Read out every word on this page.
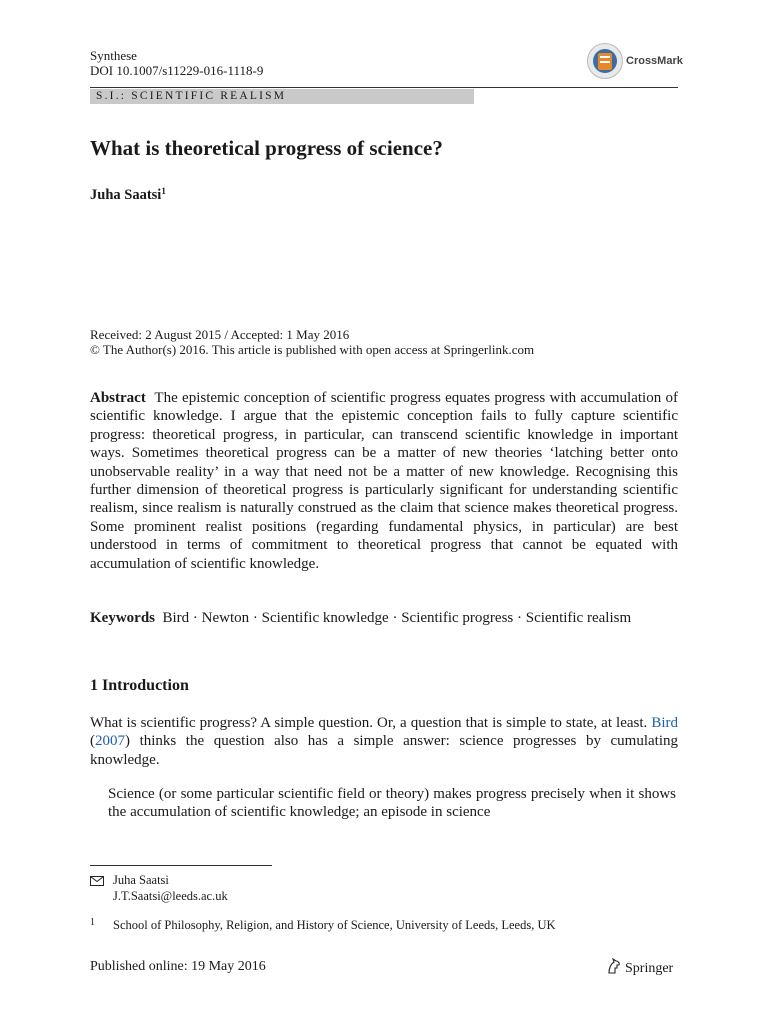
Synthese
DOI 10.1007/s11229-016-1118-9
CrossMark
S.I.: SCIENTIFIC REALISM
What is theoretical progress of science?
Juha Saatsi$^1$
Received: 2 August 2015 / Accepted: 1 May 2016
© The Author(s) 2016. This article is published with open access at Springerlink.com
Abstract The epistemic conception of scientific progress equates progress with accumulation of scientific knowledge. I argue that the epistemic conception fails to fully capture scientific progress: theoretical progress, in particular, can transcend scientific knowledge in important ways. Sometimes theoretical progress can be a matter of new theories ‘latching better onto unobservable reality’ in a way that need not be a matter of new knowledge. Recognising this further dimension of theoretical progress is particularly significant for understanding scientific realism, since realism is naturally construed as the claim that science makes theoretical progress. Some prominent realist positions (regarding fundamental physics, in particular) are best understood in terms of commitment to theoretical progress that cannot be equated with accumulation of scientific knowledge.
Keywords Bird · Newton · Scientific knowledge · Scientific progress · Scientific realism
1 Introduction
What is scientific progress? A simple question. Or, a question that is simple to state, at least. Bird (2007) thinks the question also has a simple answer: science progresses by cumulating knowledge.
Science (or some particular scientific field or theory) makes progress precisely when it shows the accumulation of scientific knowledge; an episode in science
Juha Saatsi
J.T.Saatsi@leeds.ac.uk
1 School of Philosophy, Religion, and History of Science, University of Leeds, Leeds, UK
Published online: 19 May 2016	Springer
